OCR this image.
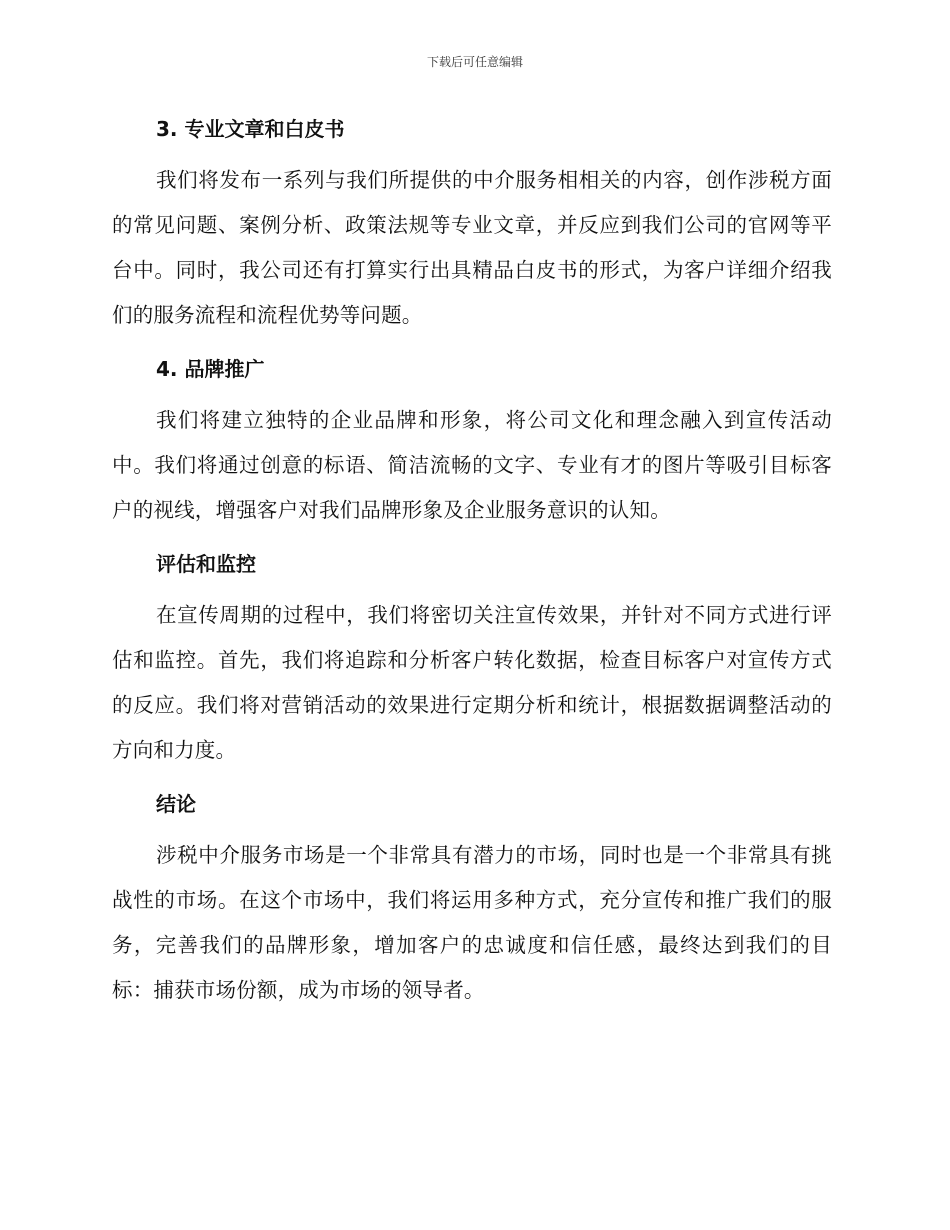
下载后可任意编辑
3. 专业文章和白皮书

我们将发布一系列与我们所提供的中介服务相相关的内容，创作涉税方面的常见问题、案例分析、政策法规等专业文章，并反应到我们公司的官网等平台中。同时，我公司还有打算实行出具精品白皮书的形式，为客户详细介绍我们的服务流程和流程优势等问题。

4. 品牌推广

我们将建立独特的企业品牌和形象，将公司文化和理念融入到宣传活动中。我们将通过创意的标语、简洁流畅的文字、专业有才的图片等吸引目标客户的视线，增强客户对我们品牌形象及企业服务意识的认知。

评估和监控

在宣传周期的过程中，我们将密切关注宣传效果，并针对不同方式进行评估和监控。首先，我们将追踪和分析客户转化数据，检查目标客户对宣传方式的反应。我们将对营销活动的效果进行定期分析和统计，根据数据调整活动的方向和力度。

结论

涉税中介服务市场是一个非常具有潜力的市场，同时也是一个非常具有挑战性的市场。在这个市场中，我们将运用多种方式，充分宣传和推广我们的服务，完善我们的品牌形象，增加客户的忠诚度和信任感，最终达到我们的目标：捕获市场份额，成为市场的领导者。
